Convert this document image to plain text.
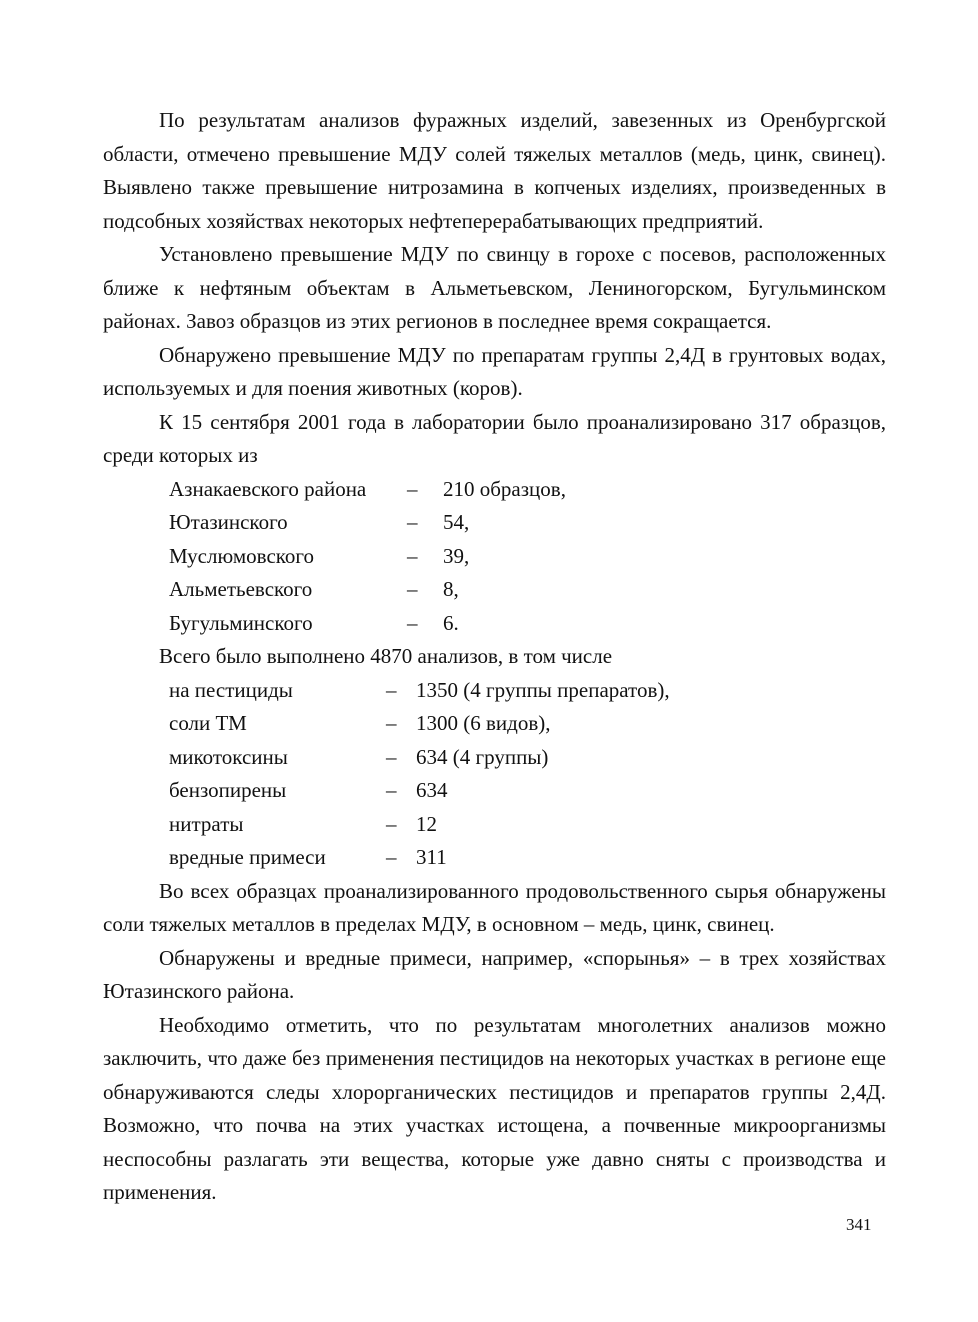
По результатам анализов фуражных изделий, завезенных из Оренбургской области, отмечено превышение МДУ солей тяжелых металлов (медь, цинк, свинец). Выявлено также превышение нитрозамина в копченых изделиях, произведенных в подсобных хозяйствах некоторых нефтеперерабатывающих предприятий.

Установлено превышение МДУ по свинцу в горохе с посевов, расположенных ближе к нефтяным объектам в Альметьевском, Лениногорском, Бугульминском районах. Завоз образцов из этих регионов в последнее время сокращается.

Обнаружено превышение МДУ по препаратам группы 2,4Д в грунтовых водах, используемых и для поения животных (коров).

К 15 сентября 2001 года в лаборатории было проанализировано 317 образцов, среди которых из

Азнакаевского района – 210 образцов,
Ютазинского	– 54,
Муслюмовского	– 39,
Альметьевского	– 8,
Бугульминского	– 6.

Всего было выполнено 4870 анализов, в том числе

на пестициды	– 1350 (4 группы препаратов),
соли ТМ	– 1300 (6 видов),
микотоксины	– 634 (4 группы)
бензопирены	– 634
нитраты	– 12
вредные примеси	– 311

Во всех образцах проанализированного продовольственного сырья обнаружены соли тяжелых металлов в пределах МДУ, в основном – медь, цинк, свинец.

Обнаружены и вредные примеси, например, «спорынья» – в трех хозяйствах Ютазинского района.

Необходимо отметить, что по результатам многолетних анализов можно заключить, что даже без применения пестицидов на некоторых участках в регионе еще обнаруживаются следы хлорорганических пестицидов и препаратов группы 2,4Д. Возможно, что почва на этих участках истощена, а почвенные микроорганизмы неспособны разлагать эти вещества, которые уже давно сняты с производства и применения.

341
